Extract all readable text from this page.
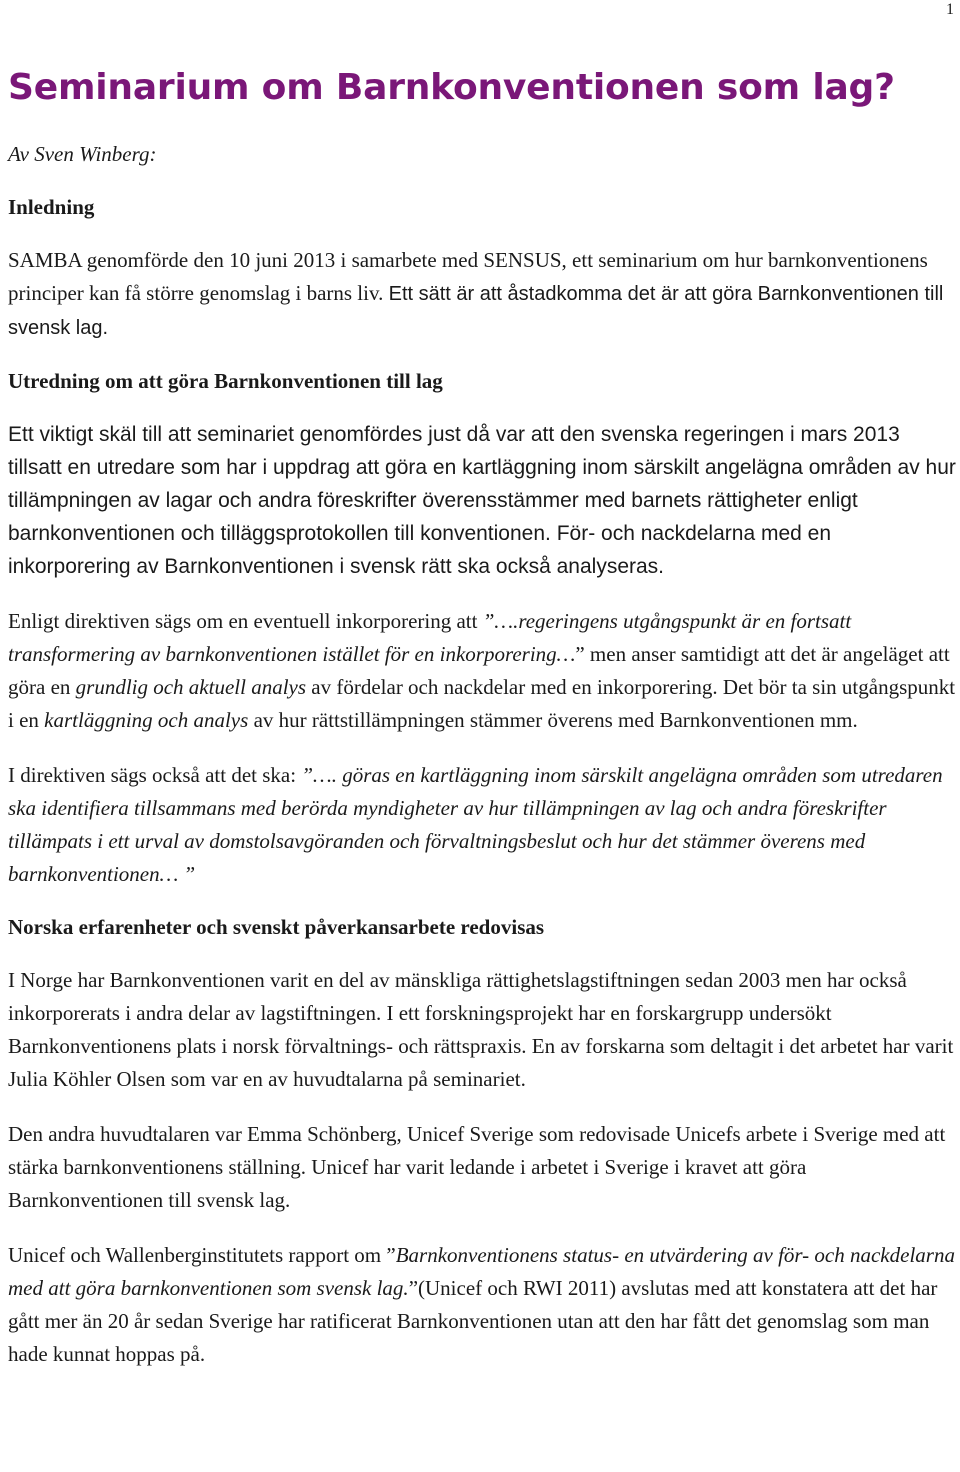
1
Seminarium om Barnkonventionen som lag?

Av Sven Winberg:

Inledning

SAMBA genomförde den 10 juni 2013 i samarbete med SENSUS, ett seminarium om hur barnkonventionens principer kan få större genomslag i barns liv. Ett sätt är att åstadkomma det är att göra Barnkonventionen till svensk lag.

Utredning om att göra Barnkonventionen till lag

Ett viktigt skäl till att seminariet genomfördes just då var att den svenska regeringen i mars 2013 tillsatt en utredare som har i uppdrag att göra en kartläggning inom särskilt angelägna områden av hur tillämpningen av lagar och andra föreskrifter överensstämmer med barnets rättigheter enligt barnkonventionen och tilläggsprotokollen till konventionen. För- och nackdelarna med en inkorporering av Barnkonventionen i svensk rätt ska också analyseras.

Enligt direktiven sägs om en eventuell inkorporering att ”….regeringens utgångspunkt är en fortsatt transformering av barnkonventionen istället för en inkorporering…” men anser samtidigt att det är angeläget att göra en grundlig och aktuell analys av fördelar och nackdelar med en inkorporering. Det bör ta sin utgångspunkt i en kartläggning och analys av hur rättstillämpningen stämmer överens med Barnkonventionen mm.

I direktiven sägs också att det ska: ”…. göras en kartläggning inom särskilt angelägna områden som utredaren ska identifiera tillsammans med berörda myndigheter av hur tillämpningen av lag och andra föreskrifter tillämpats i ett urval av domstolsavgöranden och förvaltningsbeslut och hur det stämmer överens med barnkonventionen… ”

Norska erfarenheter och svenskt påverkansarbete redovisas

I Norge har Barnkonventionen varit en del av mänskliga rättighetslagstiftningen sedan 2003 men har också inkorporerats i andra delar av lagstiftningen. I ett forskningsprojekt har en forskargrupp undersökt Barnkonventionens plats i norsk förvaltnings- och rättspraxis. En av forskarna som deltagit i det arbetet har varit Julia Köhler Olsen som var en av huvudtalarna på seminariet.

Den andra huvudtalaren var Emma Schönberg, Unicef Sverige som redovisade Unicefs arbete i Sverige med att stärka barnkonventionens ställning. Unicef har varit ledande i arbetet i Sverige i kravet att göra Barnkonventionen till svensk lag.

Unicef och Wallenberginstitutets rapport om ”Barnkonventionens status- en utvärdering av för- och nackdelarna med att göra barnkonventionen som svensk lag.”(Unicef och RWI 2011) avslutas med att konstatera att det har gått mer än 20 år sedan Sverige har ratificerat Barnkonventionen utan att den har fått det genomslag som man hade kunnat hoppas på.
